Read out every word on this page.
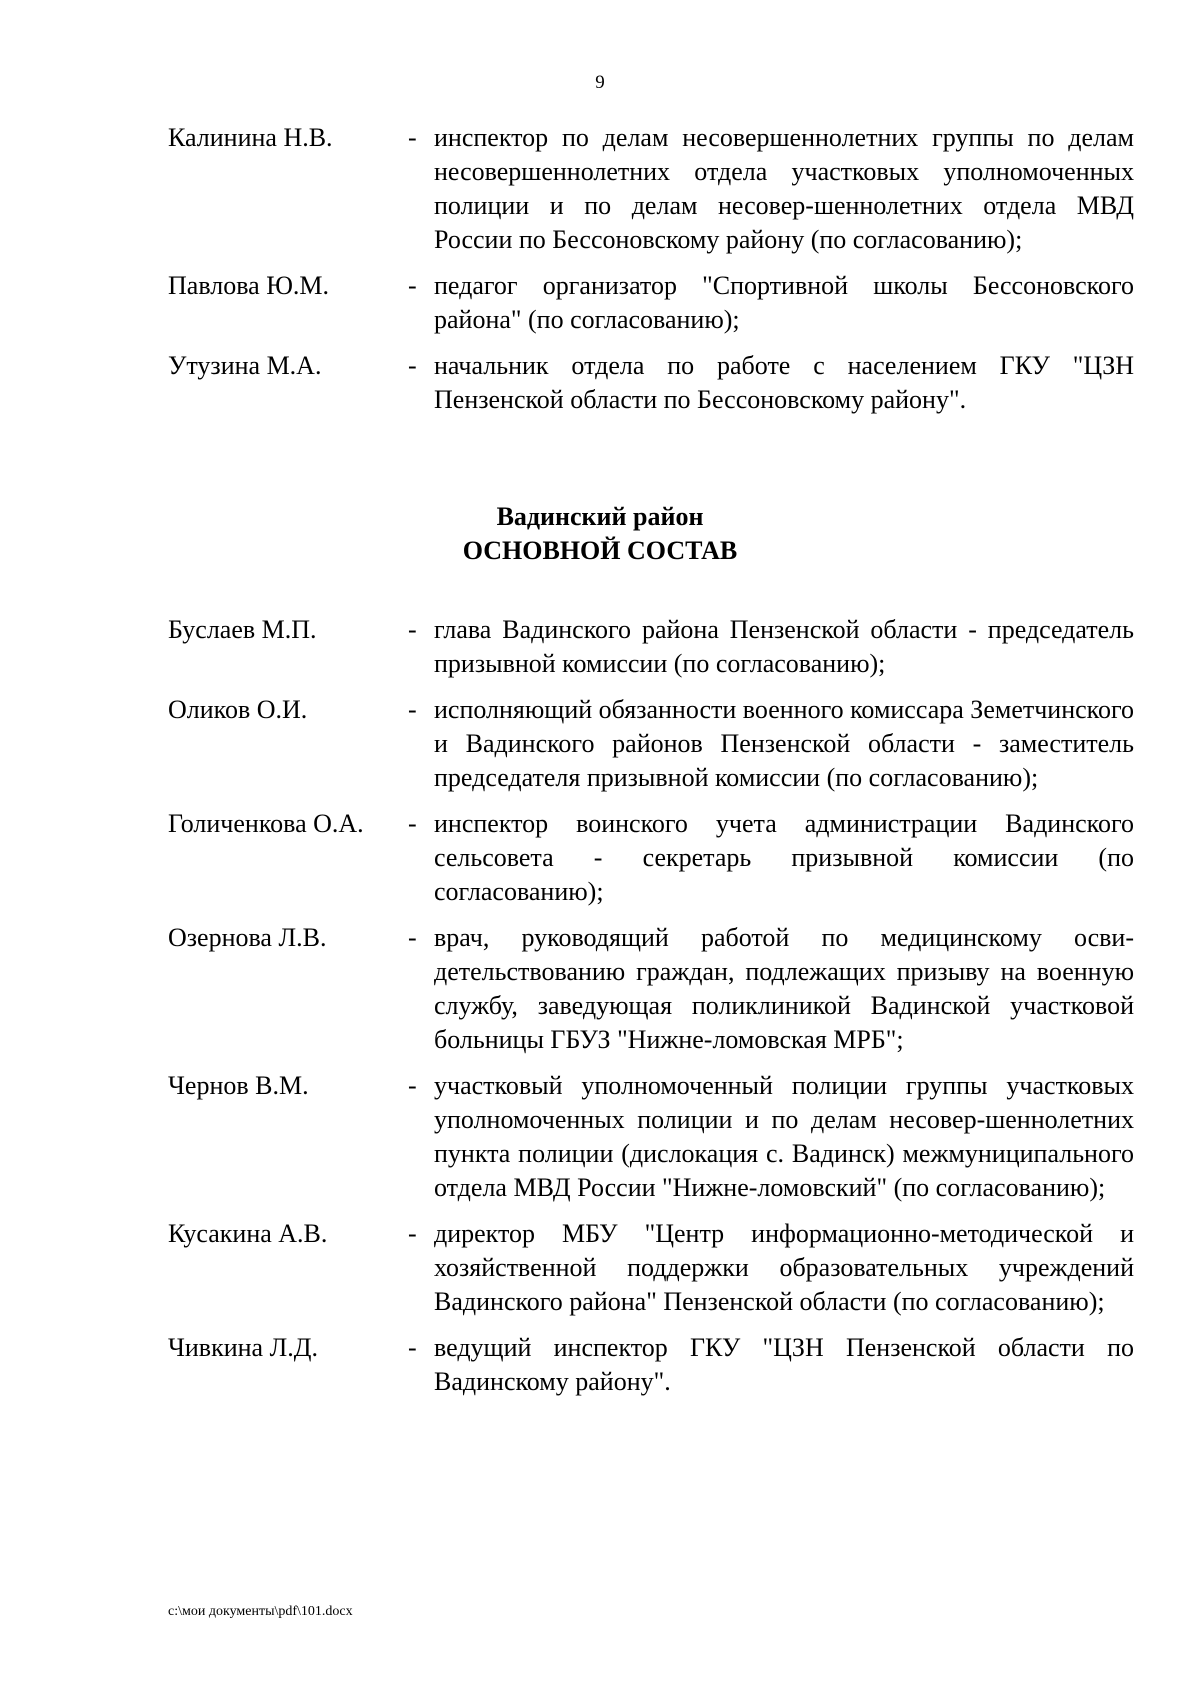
9
Калинина Н.В.	- инспектор по делам несовершеннолетних группы по делам несовершеннолетних отдела участковых уполномоченных полиции и по делам несовер-шеннолетних отдела МВД России по Бессоновскому району (по согласованию);
Павлова Ю.М.	- педагог организатор "Спортивной школы Бессоновского района" (по согласованию);
Утузина М.А.	- начальник отдела по работе с населением ГКУ "ЦЗН Пензенской области по Бессоновскому району".
Вадинский район
ОСНОВНОЙ СОСТАВ
Буслаев М.П.	- глава Вадинского района Пензенской области - председатель призывной комиссии (по согласованию);
Оликов О.И.	- исполняющий обязанности военного комиссара Земетчинского и Вадинского районов Пензенской области - заместитель председателя призывной комиссии (по согласованию);
Голиченкова О.А.	- инспектор воинского учета администрации Вадинского сельсовета - секретарь призывной комиссии (по согласованию);
Озернова Л.В.	- врач, руководящий работой по медицинскому осви-детельствованию граждан, подлежащих призыву на военную службу, заведующая поликлиникой Вадинской участковой больницы ГБУЗ "Нижне-ломовская МРБ";
Чернов В.М.	- участковый уполномоченный полиции группы участковых уполномоченных полиции и по делам несовер-шеннолетних пункта полиции (дислокация с. Вадинск) межмуниципального отдела МВД России "Нижне-ломовский" (по согласованию);
Кусакина А.В.	- директор МБУ "Центр информационно-методической и хозяйственной поддержки образовательных учреждений Вадинского района" Пензенской области (по согласованию);
Чивкина Л.Д.	- ведущий инспектор ГКУ "ЦЗН Пензенской области по Вадинскому району".
c:\мои документы\pdf\101.docx
